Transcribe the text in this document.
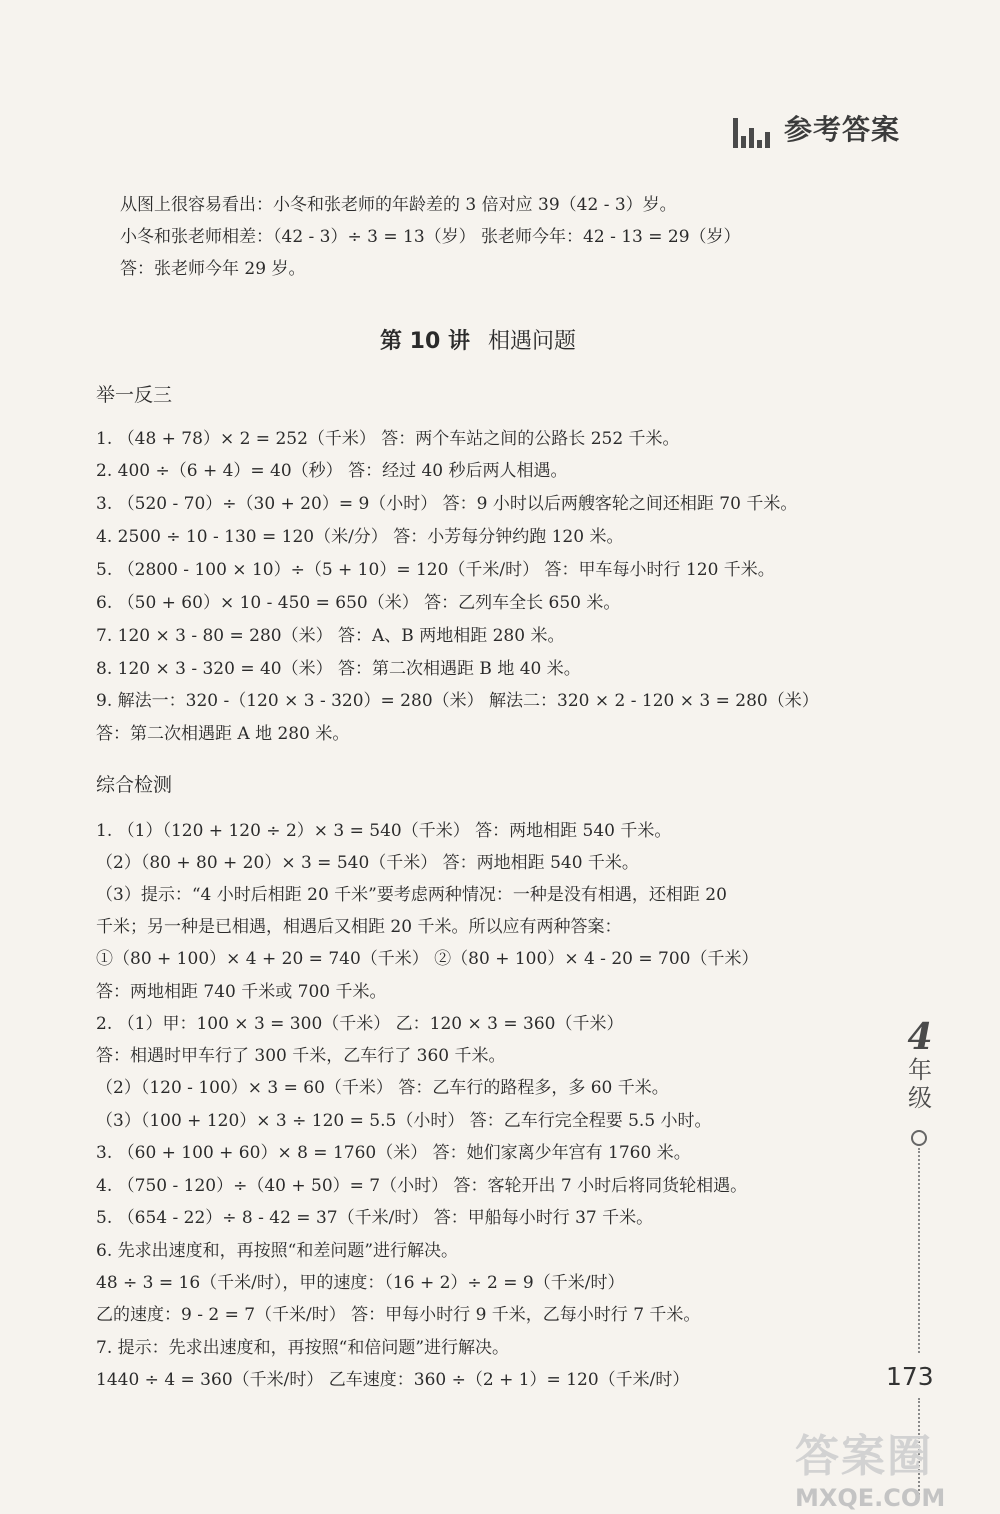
参考答案
从图上很容易看出：小冬和张老师的年龄差的 3 倍对应 39（42 - 3）岁。
小冬和张老师相差：（42 - 3）÷ 3 = 13（岁） 张老师今年：42 - 13 = 29（岁）
答：张老师今年 29 岁。
第 10 讲 相遇问题
举一反三
1. （48 + 78）× 2 = 252（千米） 答：两个车站之间的公路长 252 千米。
2. 400 ÷（6 + 4）= 40（秒） 答：经过 40 秒后两人相遇。
3. （520 - 70）÷（30 + 20）= 9（小时） 答：9 小时以后两艘客轮之间还相距 70 千米。
4. 2500 ÷ 10 - 130 = 120（米/分） 答：小芳每分钟约跑 120 米。
5. （2800 - 100 × 10）÷（5 + 10）= 120（千米/时） 答：甲车每小时行 120 千米。
6. （50 + 60）× 10 - 450 = 650（米） 答：乙列车全长 650 米。
7. 120 × 3 - 80 = 280（米） 答：A、B 两地相距 280 米。
8. 120 × 3 - 320 = 40（米） 答：第二次相遇距 B 地 40 米。
9. 解法一：320 -（120 × 3 - 320）= 280（米） 解法二：320 × 2 - 120 × 3 = 280（米）
答：第二次相遇距 A 地 280 米。
综合检测
1. （1）（120 + 120 ÷ 2）× 3 = 540（千米） 答：两地相距 540 千米。
（2）（80 + 80 + 20）× 3 = 540（千米） 答：两地相距 540 千米。
（3）提示：“4 小时后相距 20 千米”要考虑两种情况：一种是没有相遇，还相距 20
千米；另一种是已相遇，相遇后又相距 20 千米。所以应有两种答案：
①（80 + 100）× 4 + 20 = 740（千米） ②（80 + 100）× 4 - 20 = 700（千米）
答：两地相距 740 千米或 700 千米。
2. （1）甲：100 × 3 = 300（千米） 乙：120 × 3 = 360（千米）
答：相遇时甲车行了 300 千米，乙车行了 360 千米。
（2）（120 - 100）× 3 = 60（千米） 答：乙车行的路程多，多 60 千米。
（3）（100 + 120）× 3 ÷ 120 = 5.5（小时） 答：乙车行完全程要 5.5 小时。
3. （60 + 100 + 60）× 8 = 1760（米） 答：她们家离少年宫有 1760 米。
4. （750 - 120）÷（40 + 50）= 7（小时） 答：客轮开出 7 小时后将同货轮相遇。
5. （654 - 22）÷ 8 - 42 = 37（千米/时） 答：甲船每小时行 37 千米。
6. 先求出速度和，再按照“和差问题”进行解决。
48 ÷ 3 = 16（千米/时），甲的速度：（16 + 2）÷ 2 = 9（千米/时）
乙的速度：9 - 2 = 7（千米/时） 答：甲每小时行 9 千米，乙每小时行 7 千米。
7. 提示：先求出速度和，再按照“和倍问题”进行解决。
1440 ÷ 4 = 360（千米/时） 乙车速度：360 ÷（2 + 1）= 120（千米/时）
4
年
级
173
答案圈
MXQE.COM
